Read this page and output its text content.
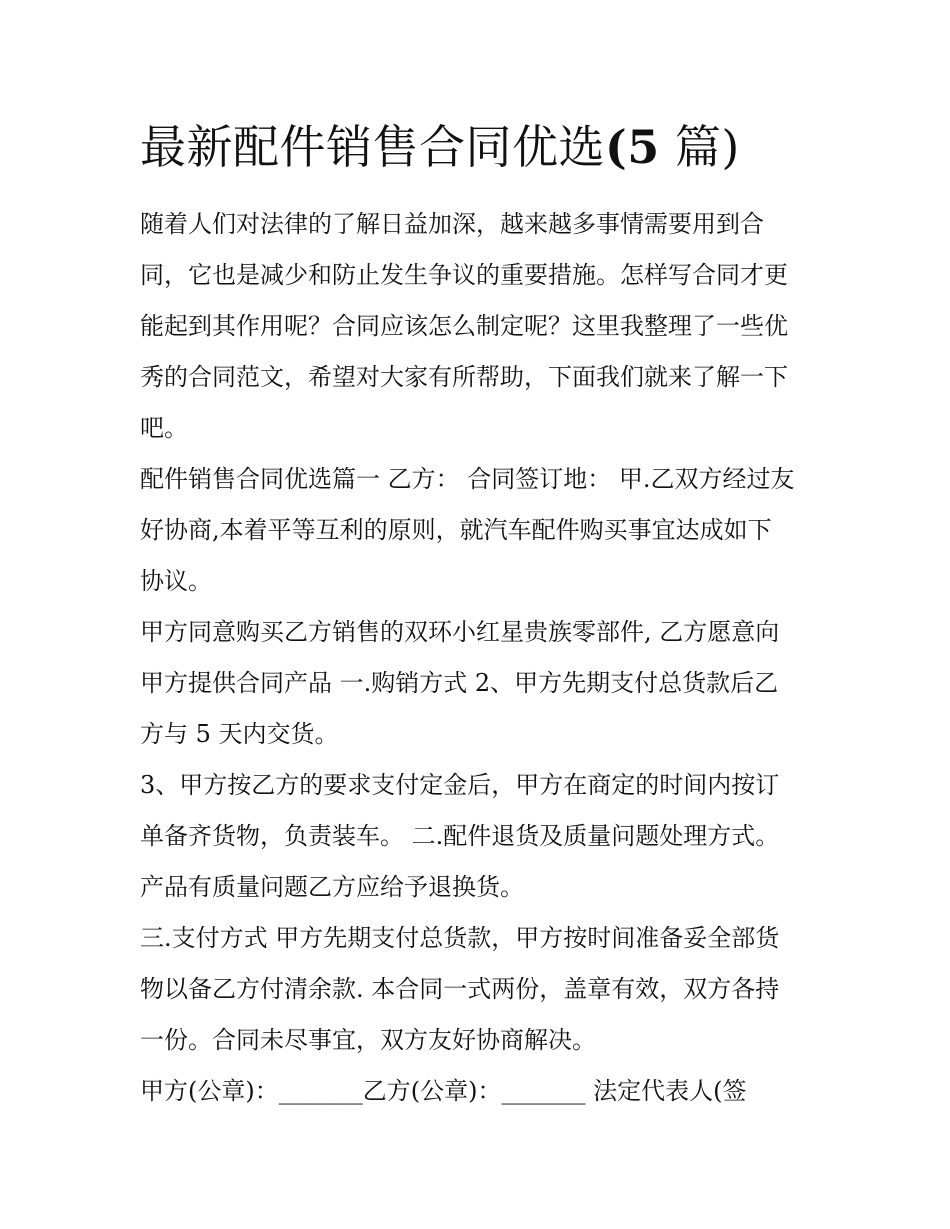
最新配件销售合同优选(5 篇)
随着人们对法律的了解日益加深，越来越多事情需要用到合
同，它也是减少和防止发生争议的重要措施。怎样写合同才更
能起到其作用呢？合同应该怎么制定呢？这里我整理了一些优
秀的合同范文，希望对大家有所帮助，下面我们就来了解一下
吧。
配件销售合同优选篇一 乙方： 合同签订地： 甲.乙双方经过友
好协商,本着平等互利的原则，就汽车配件购买事宜达成如下
协议。
甲方同意购买乙方销售的双环小红星贵族零部件, 乙方愿意向
甲方提供合同产品 一.购销方式 2、甲方先期支付总货款后乙
方与 5 天内交货。
3、甲方按乙方的要求支付定金后，甲方在商定的时间内按订
单备齐货物，负责装车。 二.配件退货及质量问题处理方式。
产品有质量问题乙方应给予退换货。
三.支付方式 甲方先期支付总货款，甲方按时间准备妥全部货
物以备乙方付清余款. 本合同一式两份，盖章有效，双方各持
一份。合同未尽事宜，双方友好协商解决。
甲方(公章)：_______乙方(公章)：_______ 法定代表人(签
